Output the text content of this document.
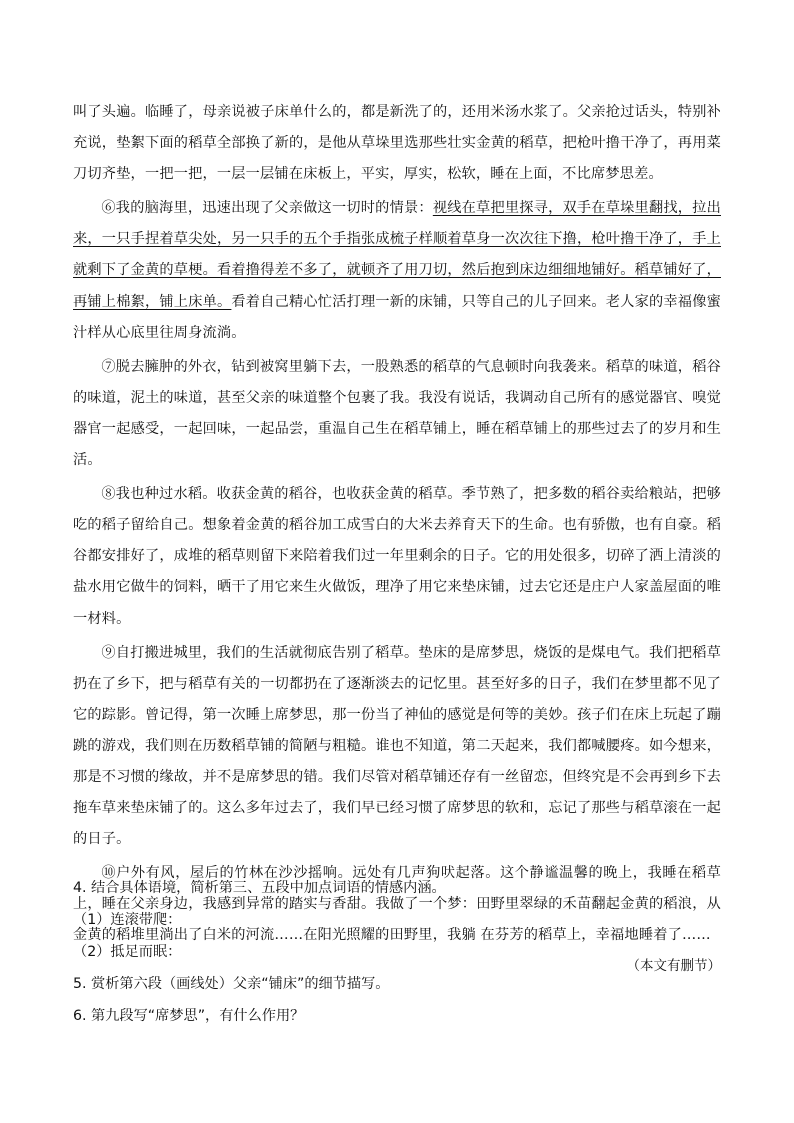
叫了头遍。临睡了，母亲说被子床单什么的，都是新洗了的，还用米汤水浆了。父亲抢过话头，特别补充说，垫絮下面的稻草全部换了新的，是他从草垛里选那些壮实金黄的稻草，把枪叶撸干净了，再用菜刀切齐垫，一把一把，一层一层铺在床板上，平实，厚实，松软，睡在上面，不比席梦思差。

⑥我的脑海里，迅速出现了父亲做这一切时的情景：视线在草把里探寻，双手在草垛里翻找，拉出来，一只手捏着草尖处，另一只手的五个手指张成梳子样顺着草身一次次往下撸，枪叶撸干净了，手上就剩下了金黄的草梗。看着撸得差不多了，就顿齐了用刀切，然后抱到床边细细地铺好。稻草铺好了，再铺上棉絮，铺上床单。看着自己精心忙活打理一新的床铺，只等自己的儿子回来。老人家的幸福像蜜汁样从心底里往周身流淌。

⑦脱去臃肿的外衣，钻到被窝里躺下去，一股熟悉的稻草的气息顿时向我袭来。稻草的味道，稻谷的味道，泥土的味道，甚至父亲的味道整个包裹了我。我没有说话，我调动自己所有的感觉器官、嗅觉器官一起感受，一起回味，一起品尝，重温自己生在稻草铺上，睡在稻草铺上的那些过去了的岁月和生活。

⑧我也种过水稻。收获金黄的稻谷，也收获金黄的稻草。季节熟了，把多数的稻谷卖给粮站，把够吃的稻子留给自己。想象着金黄的稻谷加工成雪白的大米去养育天下的生命。也有骄傲，也有自豪。稻谷都安排好了，成堆的稻草则留下来陪着我们过一年里剩余的日子。它的用处很多，切碎了洒上清淡的盐水用它做牛的饲料，晒干了用它来生火做饭，理净了用它来垫床铺，过去它还是庄户人家盖屋面的唯一材料。

⑨自打搬进城里，我们的生活就彻底告别了稻草。垫床的是席梦思，烧饭的是煤电气。我们把稻草扔在了乡下，把与稻草有关的一切都扔在了逐渐淡去的记忆里。甚至好多的日子，我们在梦里都不见了它的踪影。曾记得，第一次睡上席梦思，那一份当了神仙的感觉是何等的美妙。孩子们在床上玩起了蹦跳的游戏，我们则在历数稻草铺的简陋与粗糙。谁也不知道，第二天起来，我们都喊腰疼。如今想来，那是不习惯的缘故，并不是席梦思的错。我们尽管对稻草铺还存有一丝留恋，但终究是不会再到乡下去拖车草来垫床铺了的。这么多年过去了，我们早已经习惯了席梦思的软和，忘记了那些与稻草滚在一起的日子。

⑩户外有风，屋后的竹林在沙沙摇响。远处有几声狗吠起落。这个静谧温馨的晚上，我睡在稻草上，睡在父亲身边，我感到异常的踏实与香甜。我做了一个梦：田野里翠绿的禾苗翻起金黄的稻浪，从金黄的稻堆里淌出了白米的河流……在阳光照耀的田野里，我躺 在芬芳的稻草上，幸福地睡着了……

（本文有删节）

4. 结合具体语境，简析第三、五段中加点词语的情感内涵。

（1）连滚带爬：

（2）抵足而眠：

5. 赏析第六段（画线处）父亲“铺床”的细节描写。

6. 第九段写“席梦思”，有什么作用？
